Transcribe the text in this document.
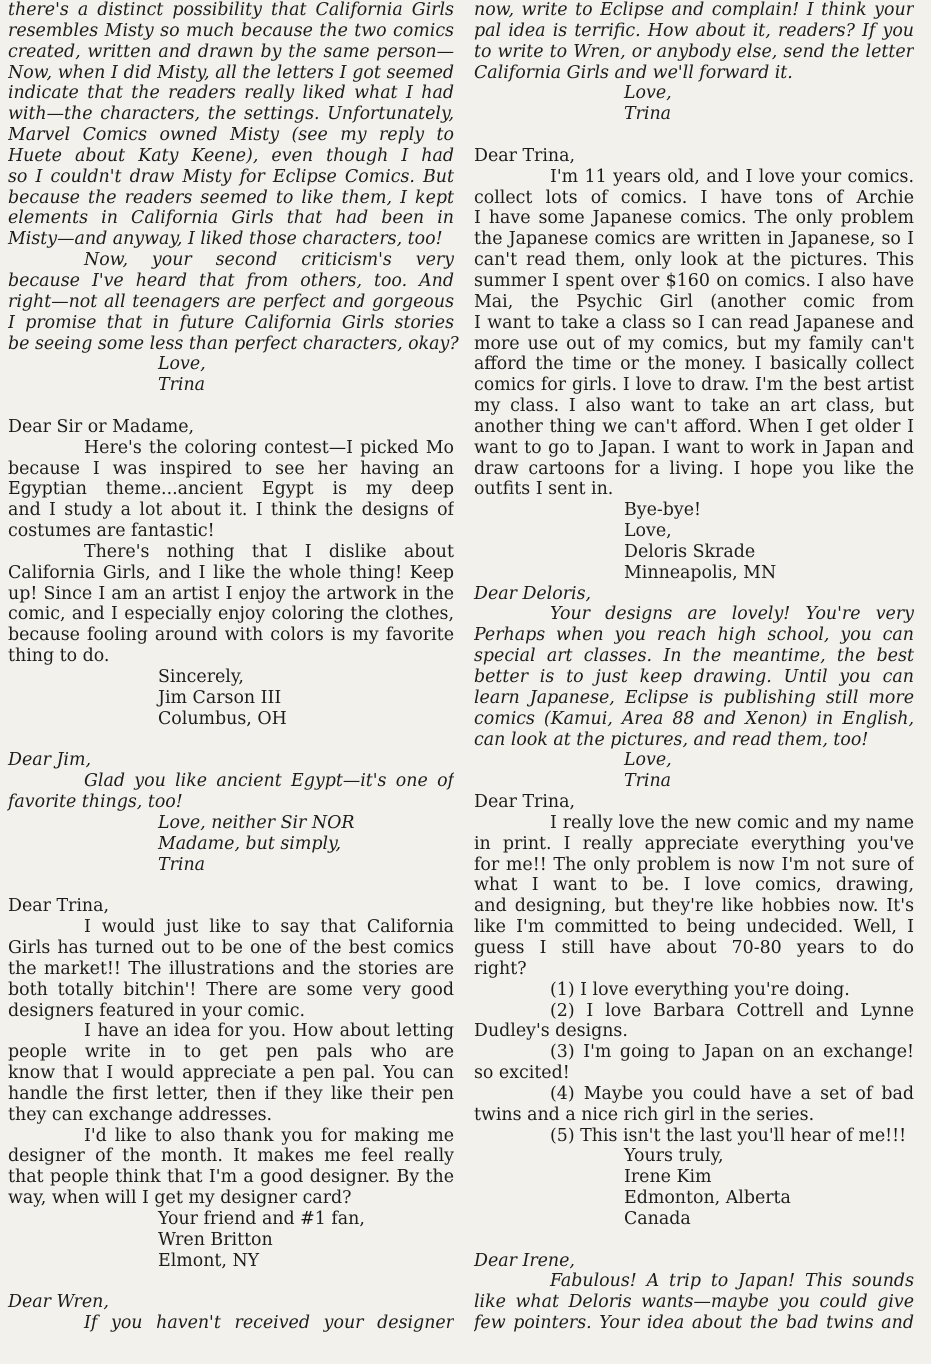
there's a distinct possibility that California Girls
resembles Misty so much because the two comics
created, written and drawn by the same person—
Now, when I did Misty, all the letters I got seemed
indicate that the readers really liked what I had
with—the characters, the settings. Unfortunately,
Marvel Comics owned Misty (see my reply to
Huete about Katy Keene), even though I had
so I couldn't draw Misty for Eclipse Comics. But
because the readers seemed to like them, I kept
elements in California Girls that had been in
Misty—and anyway, I liked those characters, too!
Now, your second criticism's very
because I've heard that from others, too. And
right—not all teenagers are perfect and gorgeous
I promise that in future California Girls stories
be seeing some less than perfect characters, okay?
Love,
Trina
Dear Sir or Madame,
Here's the coloring contest—I picked Mo
because I was inspired to see her having an
Egyptian theme...ancient Egypt is my deep
and I study a lot about it. I think the designs of
costumes are fantastic!
There's nothing that I dislike about
California Girls, and I like the whole thing! Keep
up! Since I am an artist I enjoy the artwork in the
comic, and I especially enjoy coloring the clothes,
because fooling around with colors is my favorite
thing to do.
Sincerely,
Jim Carson III
Columbus, OH
Dear Jim,
Glad you like ancient Egypt—it's one of
favorite things, too!
Love, neither Sir NOR
Madame, but simply,
Trina
Dear Trina,
I would just like to say that California
Girls has turned out to be one of the best comics
the market!! The illustrations and the stories are
both totally bitchin'! There are some very good
designers featured in your comic.
I have an idea for you. How about letting
people write in to get pen pals who are
know that I would appreciate a pen pal. You can
handle the first letter, then if they like their pen
they can exchange addresses.
I'd like to also thank you for making me
designer of the month. It makes me feel really
that people think that I'm a good designer. By the
way, when will I get my designer card?
Your friend and #1 fan,
Wren Britton
Elmont, NY
Dear Wren,
If you haven't received your designer
now, write to Eclipse and complain! I think your
pal idea is terrific. How about it, readers? If you
to write to Wren, or anybody else, send the letter
California Girls and we'll forward it.
Love,
Trina
Dear Trina,
I'm 11 years old, and I love your comics.
collect lots of comics. I have tons of Archie
I have some Japanese comics. The only problem
the Japanese comics are written in Japanese, so I
can't read them, only look at the pictures. This
summer I spent over $160 on comics. I also have
Mai, the Psychic Girl (another comic from
I want to take a class so I can read Japanese and
more use out of my comics, but my family can't
afford the time or the money. I basically collect
comics for girls. I love to draw. I'm the best artist
my class. I also want to take an art class, but
another thing we can't afford. When I get older I
want to go to Japan. I want to work in Japan and
draw cartoons for a living. I hope you like the
outfits I sent in.
Bye-bye!
Love,
Deloris Skrade
Minneapolis, MN
Dear Deloris,
Your designs are lovely! You're very
Perhaps when you reach high school, you can
special art classes. In the meantime, the best
better is to just keep drawing. Until you can
learn Japanese, Eclipse is publishing still more
comics (Kamui, Area 88 and Xenon) in English,
can look at the pictures, and read them, too!
Love,
Trina
Dear Trina,
I really love the new comic and my name
in print. I really appreciate everything you've
for me!! The only problem is now I'm not sure of
what I want to be. I love comics, drawing,
and designing, but they're like hobbies now. It's
like I'm committed to being undecided. Well, I
guess I still have about 70-80 years to do
right?
(1) I love everything you're doing.
(2) I love Barbara Cottrell and Lynne
Dudley's designs.
(3) I'm going to Japan on an exchange!
so excited!
(4) Maybe you could have a set of bad
twins and a nice rich girl in the series.
(5) This isn't the last you'll hear of me!!!
Yours truly,
Irene Kim
Edmonton, Alberta
Canada
Dear Irene,
Fabulous! A trip to Japan! This sounds
like what Deloris wants—maybe you could give
few pointers. Your idea about the bad twins and
